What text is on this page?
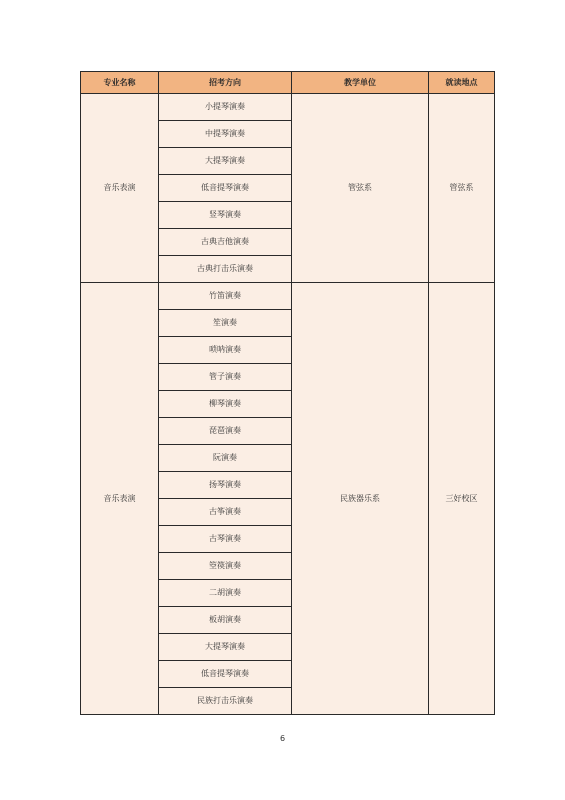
专业名称	招考方向	教学单位	就读地点
音乐表演	小提琴演奏	管弦系	管弦系
	中提琴演奏		
	大提琴演奏		
	低音提琴演奏		
	竖琴演奏		
	古典吉他演奏		
	古典打击乐演奏		
音乐表演	竹笛演奏	民族器乐系	三好校区
	笙演奏		
	唢呐演奏		
	管子演奏		
	柳琴演奏		
	琵琶演奏		
	阮演奏		
	扬琴演奏		
	古筝演奏		
	古琴演奏		
	箜篌演奏		
	二胡演奏		
	板胡演奏		
	大提琴演奏		
	低音提琴演奏		
	民族打击乐演奏		
6
